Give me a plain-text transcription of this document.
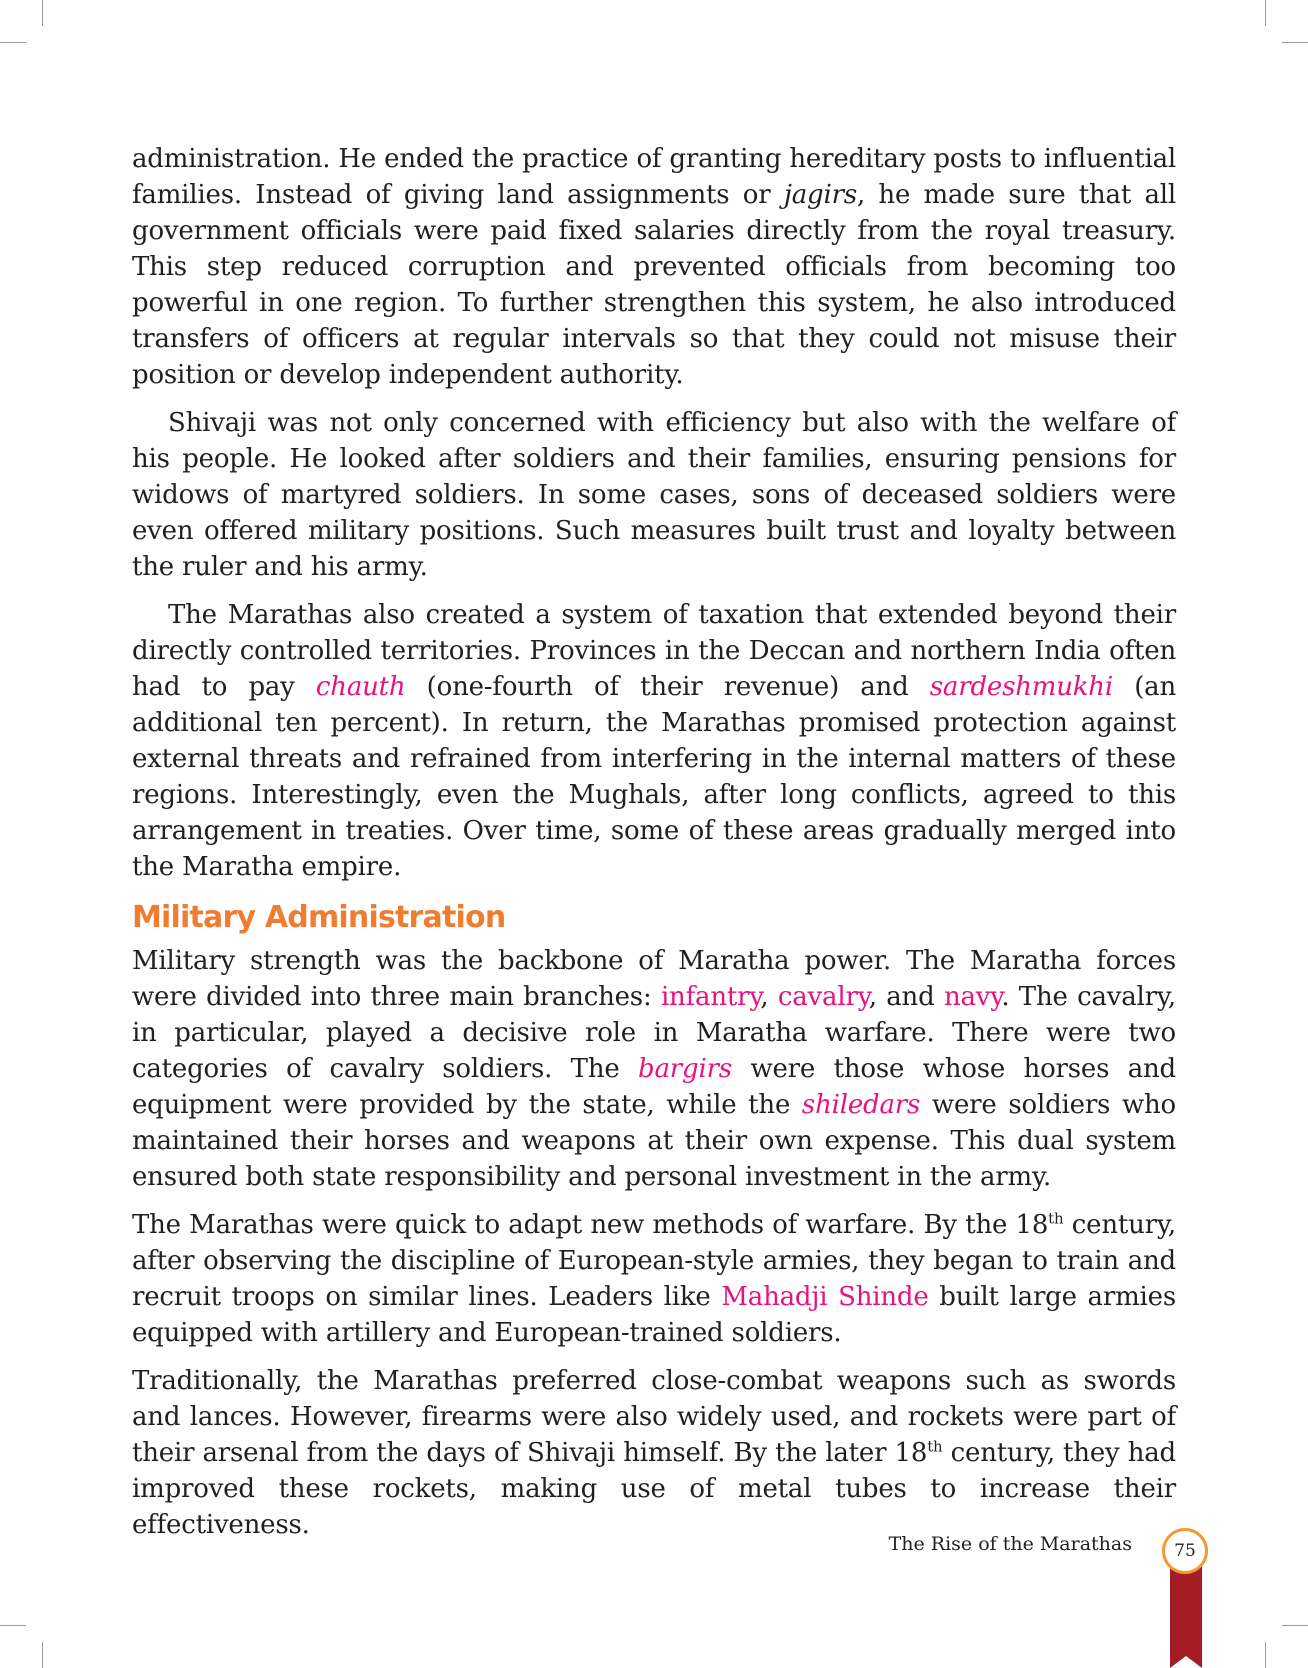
administration. He ended the practice of granting hereditary posts to influential families. Instead of giving land assignments or jagirs, he made sure that all government officials were paid fixed salaries directly from the royal treasury. This step reduced corruption and prevented officials from becoming too powerful in one region. To further strengthen this system, he also introduced transfers of officers at regular intervals so that they could not misuse their position or develop independent authority.

Shivaji was not only concerned with efficiency but also with the welfare of his people. He looked after soldiers and their families, ensuring pensions for widows of martyred soldiers. In some cases, sons of deceased soldiers were even offered military positions. Such measures built trust and loyalty between the ruler and his army.

The Marathas also created a system of taxation that extended beyond their directly controlled territories. Provinces in the Deccan and northern India often had to pay chauth (one-fourth of their revenue) and sardeshmukhi (an additional ten percent). In return, the Marathas promised protection against external threats and refrained from interfering in the internal matters of these regions. Interestingly, even the Mughals, after long conflicts, agreed to this arrangement in treaties. Over time, some of these areas gradually merged into the Maratha empire.

Military Administration

Military strength was the backbone of Maratha power. The Maratha forces were divided into three main branches: infantry, cavalry, and navy. The cavalry, in particular, played a decisive role in Maratha warfare. There were two categories of cavalry soldiers. The bargirs were those whose horses and equipment were provided by the state, while the shiledars were soldiers who maintained their horses and weapons at their own expense. This dual system ensured both state responsibility and personal investment in the army.

The Marathas were quick to adapt new methods of warfare. By the 18th century, after observing the discipline of European-style armies, they began to train and recruit troops on similar lines. Leaders like Mahadji Shinde built large armies equipped with artillery and European-trained soldiers.

Traditionally, the Marathas preferred close-combat weapons such as swords and lances. However, firearms were also widely used, and rockets were part of their arsenal from the days of Shivaji himself. By the later 18th century, they had improved these rockets, making use of metal tubes to increase their effectiveness.

The Rise of the Marathas 75
